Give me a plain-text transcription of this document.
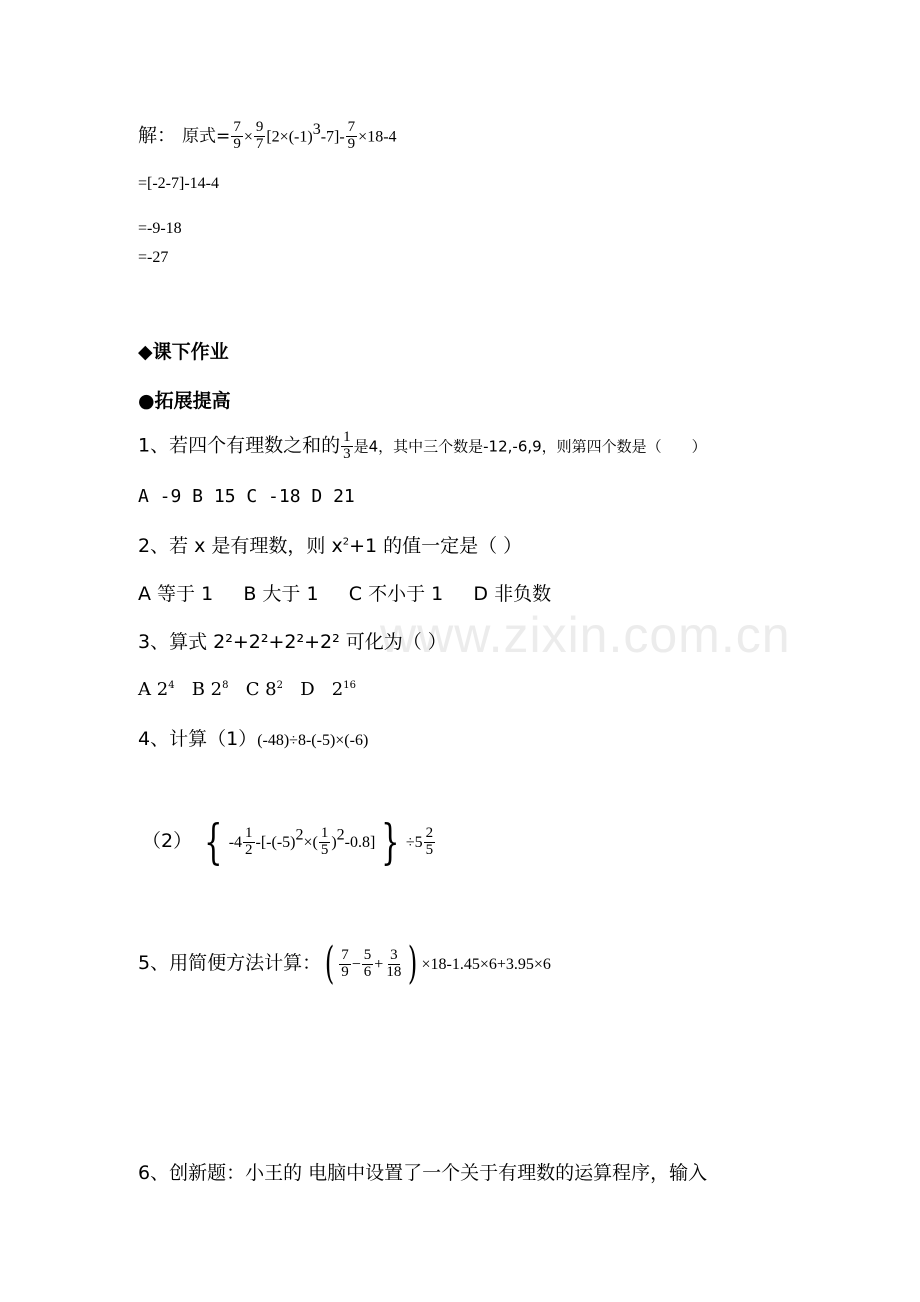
www.zixin.com.cn
解： 原式= $\frac{7}{9} \times \frac{9}{7} [2\times(-1)^3-7]- \frac{7}{9} \times 18-4$
=[-2-7]-14-4
=-9-18
=-27
◆课下作业
●拓展提高
1、若四个有理数之和的 $\frac{1}{3}$ 是4，其中三个数是-12,-6,9，则第四个数是（　　）
A -9 B 15 C -18 D 21
2、若 x 是有理数，则 $x^2+1$ 的值一定是（ ）
A 等于 1     B 大于 1     C 不小于 1     D 非负数
3、算式 2²+2²+2²+2² 可化为（ ）
A $2^4$ B $2^8$ C $8^2$ D   $2^{16}$
4、计算（1）(-48)÷8-(-5)×(-6)
（2） { $-4 \frac{1}{2} -[-(-5)^2\times( \frac{1}{5} )^2-0.8]$ } $\div 5 \frac{2}{5}$
5、用简便方法计算：( $\frac{7}{9} - \frac{5}{6} + \frac{3}{18}$ ) ×18-1.45×6+3.95×6
6、创新题：小王的 电脑中设置了一个关于有理数的运算程序，输入
